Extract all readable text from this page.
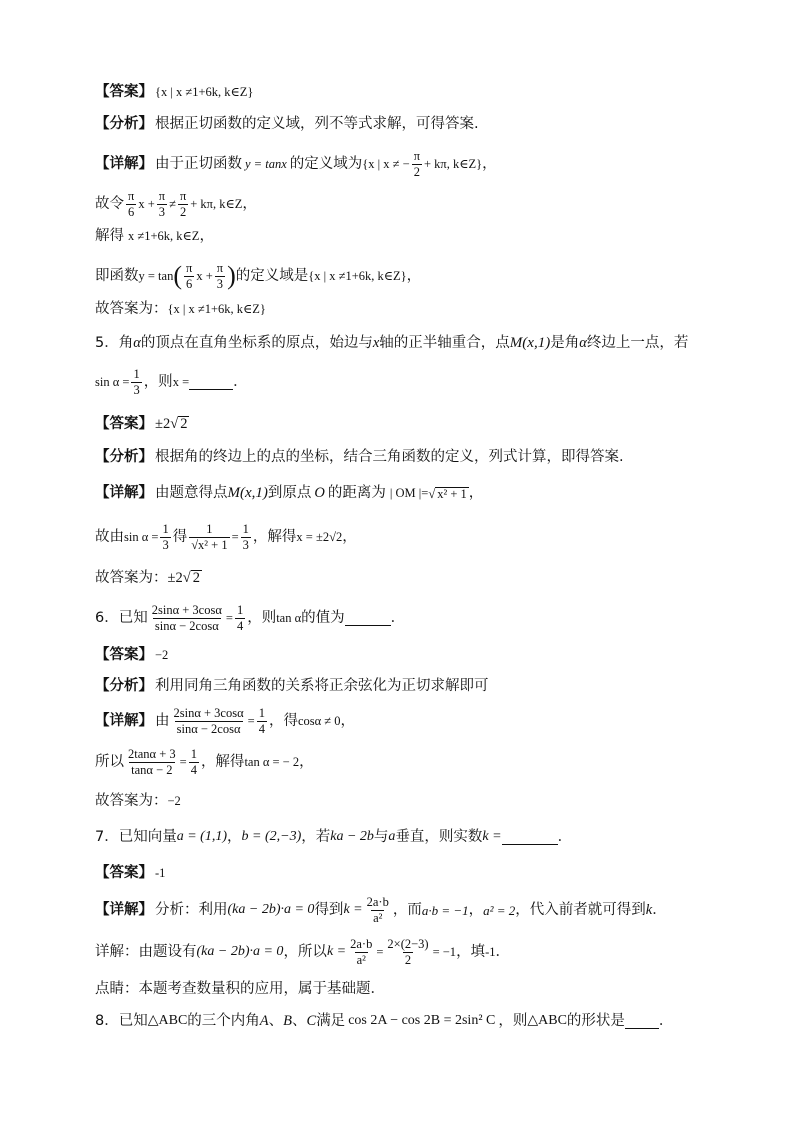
【答案】 {x | x ≠1+6k, k∈Z}
【分析】 根据正切函数的定义域，列不等式求解，可得答案.
【详解】 由于正切函数 y = tanx 的定义域为 {x | x ≠ − $\frac{\pi}{2} + k\pi$, k∈Z} ，
故令 $\frac{\pi}{6}$ $x + \frac{\pi}{3} \ne \frac{\pi}{2} + k\pi$, k∈Z ，
解得 x ≠1+6k, k∈Z ，
即函数 y = tan ( $\frac{\pi}{6}$ $x + \frac{\pi}{3}$ ) 的定义域是 {x | x ≠1+6k, k∈Z} ，
故答案为： {x | x ≠1+6k, k∈Z}
5．角 α 的顶点在直角坐标系的原点，始边与 x 轴的正半轴重合，点 M(x,1) 是角 α 终边上一点，若
$\sin \alpha = \frac{1}{3}$ ，则 x =	．
【答案】 ±2 √ 2
【分析】 根据角的终边上的点的坐标，结合三角函数的定义，列式计算，即得答案.
【详解】 由题意得点 M(x,1) 到原点 O 的距离为 | OM |= √ x² + 1 ，
故由 $\sin \alpha = \frac{1}{3}$ 得 $\frac{1}{\text{√x² + 1}} = \frac{1}{3}$ ，解得 x = ±2√2 ，
故答案为： ±2 √ 2
6．已知 $\frac{2\sin\alpha + 3\cos\alpha}{\sin\alpha - 2\cos\alpha} = \frac{1}{4}$ ，则 tan α 的值为	．
【答案】 −2
【分析】 利用同角三角函数的关系将正余弦化为正切求解即可
【详解】 由 $\frac{2\sin\alpha + 3\cos\alpha}{\sin\alpha - 2\cos\alpha} = \frac{1}{4}$ ，得 cosα ≠ 0 ，
所以 $\frac{2\tan\alpha + 3}{\tan\alpha - 2} = \frac{1}{4}$ ，解得 tan α = − 2 ，
故答案为： −2
7．已知向量 a = (1,1) ， b = (2,−3) ，若 ka − 2b 与 a 垂直，则实数 k =	．
【答案】 -1
【详解】 分析：利用 (ka − 2b)·a = 0 得到 $k = \frac{2a\cdot b}{\text{a²}}$ ，而 a·b = −1 ， a² = 2 ，代入前者就可得到 k ．
详解：由题设有 (ka − 2b)·a = 0 ，所以 $k = \frac{2a\cdot b}{\text{a²}} = \frac{2\times(2-3)}{2} = -1$ ，填 -1 ．
点睛：本题考查数量积的应用，属于基础题．
8．已知 △ABC 的三个内角 A 、 B 、 C 满足 cos 2A − cos 2B = 2sin² C ，则 △ABC 的形状是 ．
